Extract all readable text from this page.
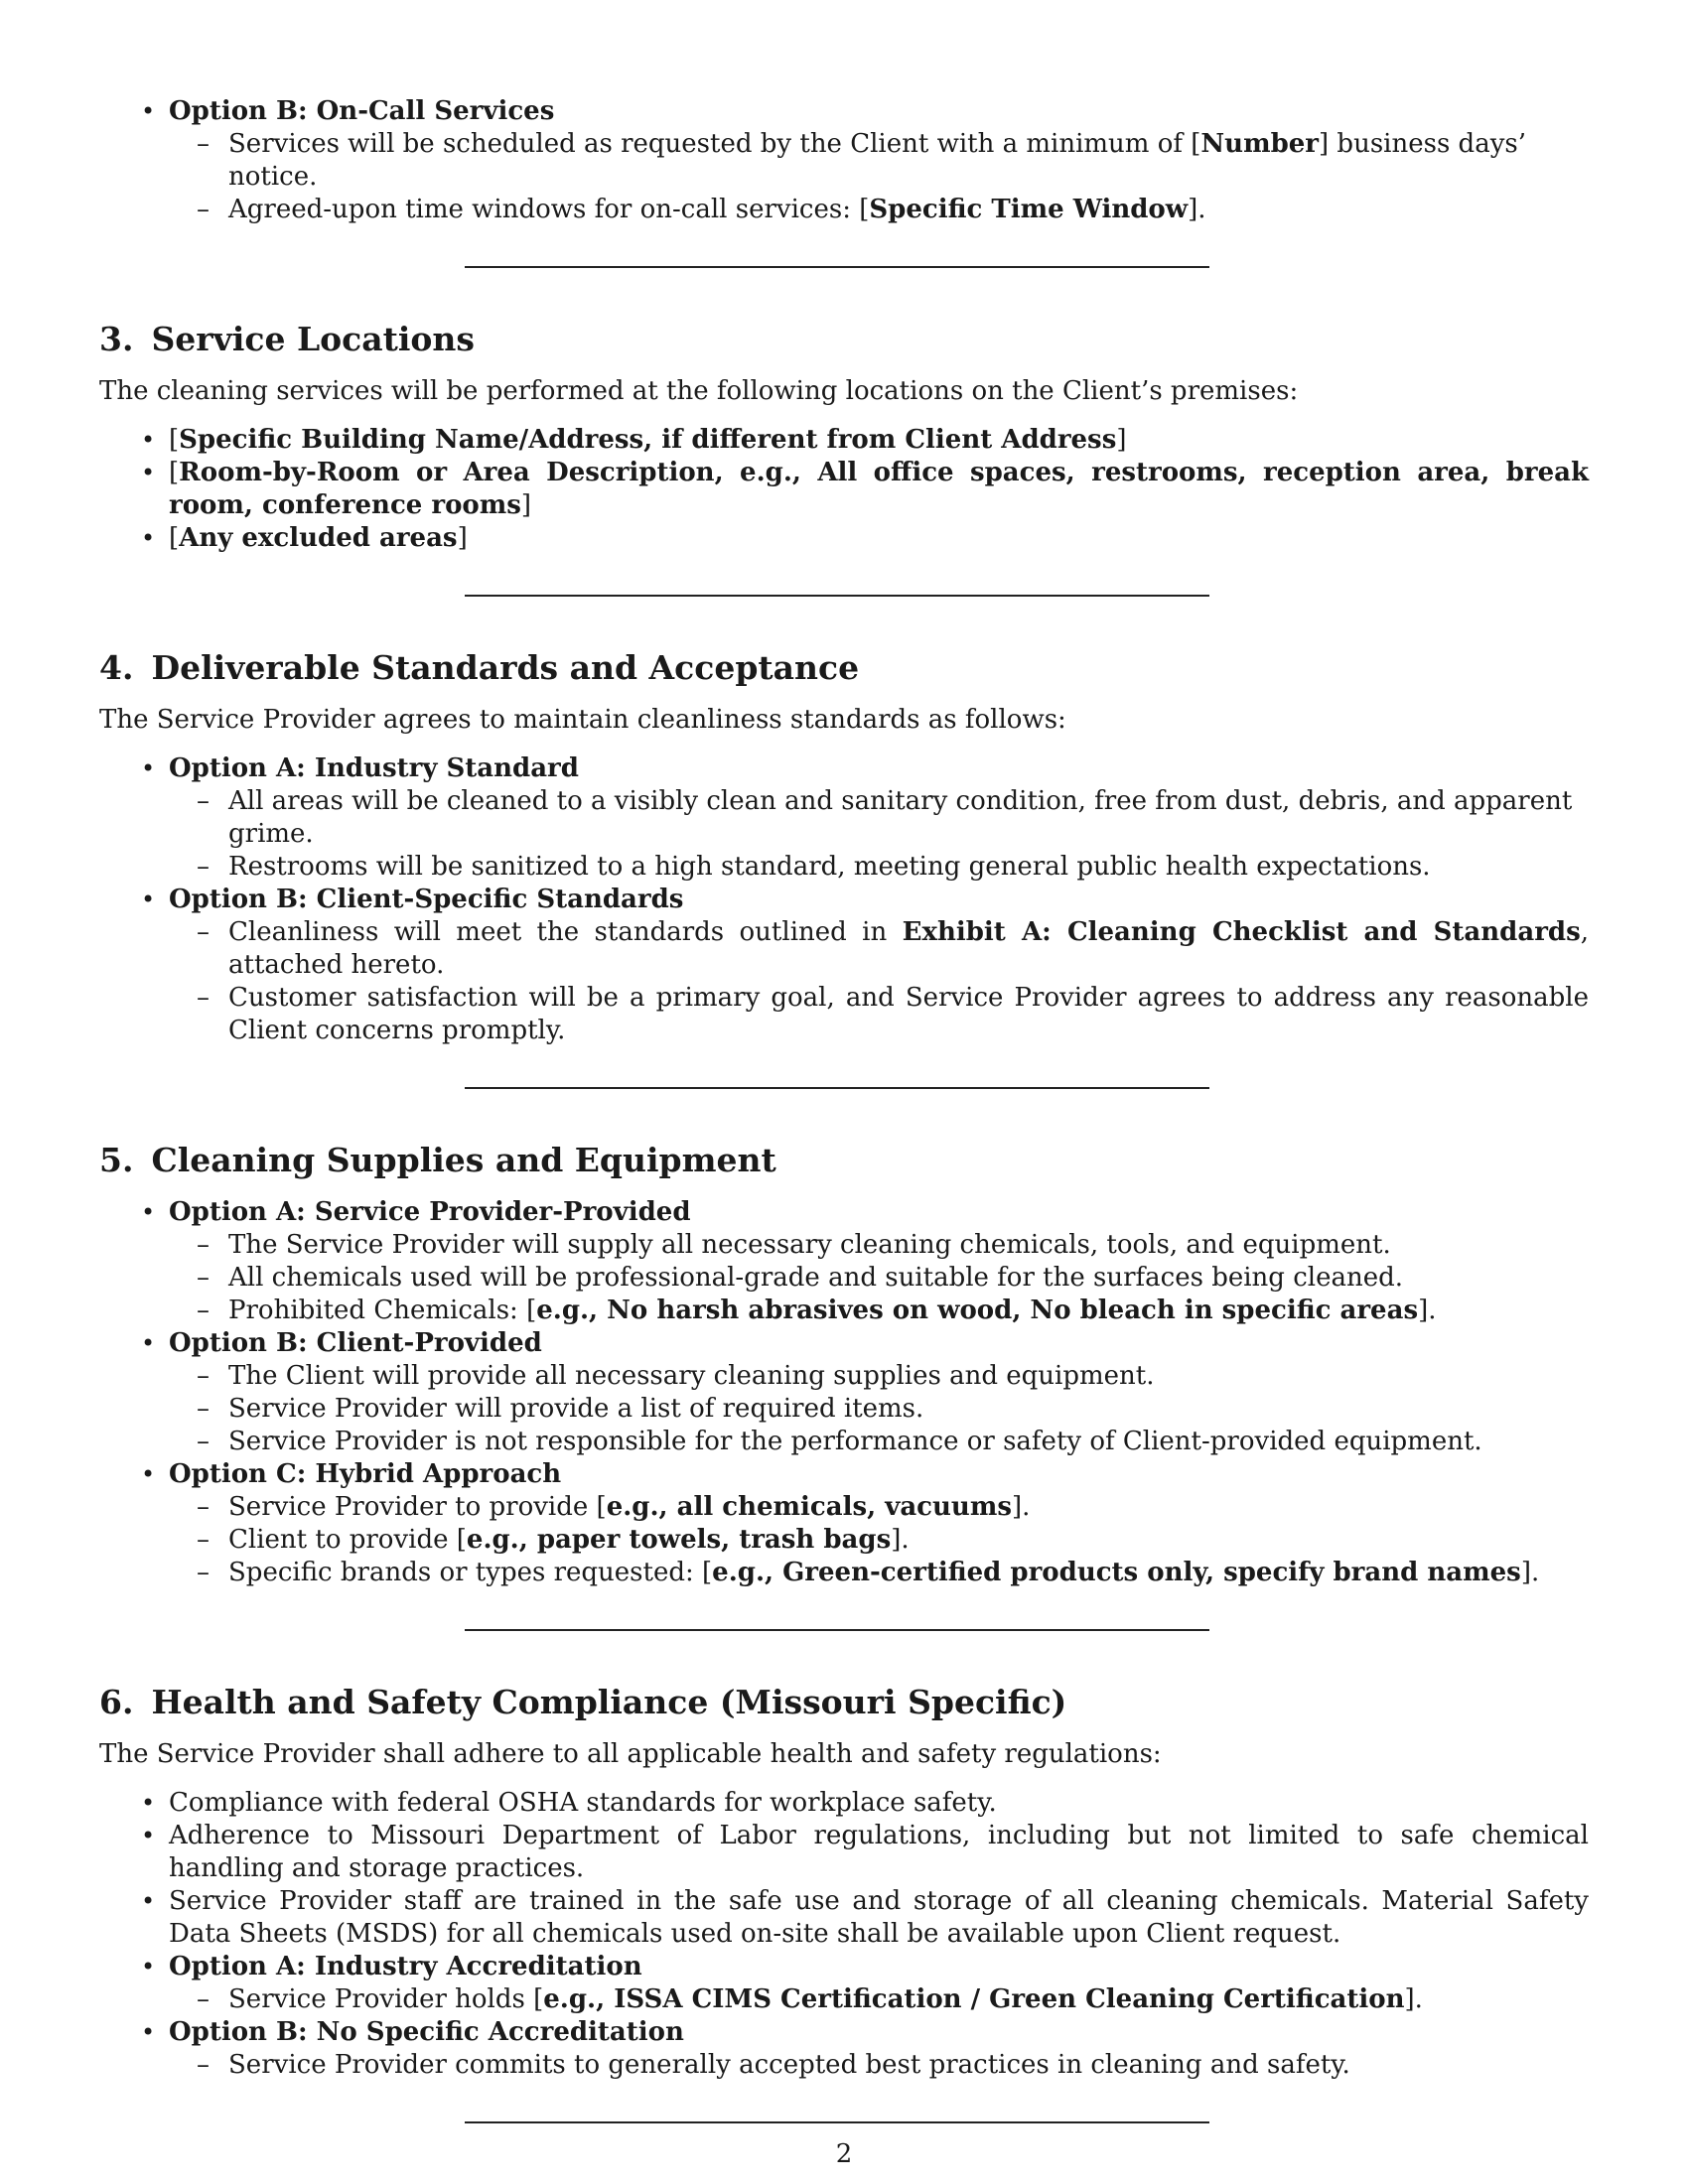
• Option B: On-Call Services
– Services will be scheduled as requested by the Client with a minimum of [Number] business days’ notice.
– Agreed-upon time windows for on-call services: [Specific Time Window].
3. Service Locations

The cleaning services will be performed at the following locations on the Client’s premises:

• [Specific Building Name/Address, if different from Client Address]
• [Room-by-Room or Area Description, e.g., All office spaces, restrooms, reception area, break room, conference rooms]
• [Any excluded areas]
4. Deliverable Standards and Acceptance

The Service Provider agrees to maintain cleanliness standards as follows:

• Option A: Industry Standard
– All areas will be cleaned to a visibly clean and sanitary condition, free from dust, debris, and apparent grime.
– Restrooms will be sanitized to a high standard, meeting general public health expectations.
• Option B: Client-Specific Standards
– Cleanliness will meet the standards outlined in Exhibit A: Cleaning Checklist and Standards, attached hereto.
– Customer satisfaction will be a primary goal, and Service Provider agrees to address any reasonable Client concerns promptly.
5. Cleaning Supplies and Equipment
• Option A: Service Provider-Provided
– The Service Provider will supply all necessary cleaning chemicals, tools, and equipment.
– All chemicals used will be professional-grade and suitable for the surfaces being cleaned.
– Prohibited Chemicals: [e.g., No harsh abrasives on wood, No bleach in specific areas].
• Option B: Client-Provided
– The Client will provide all necessary cleaning supplies and equipment.
– Service Provider will provide a list of required items.
– Service Provider is not responsible for the performance or safety of Client-provided equipment.
• Option C: Hybrid Approach
– Service Provider to provide [e.g., all chemicals, vacuums].
– Client to provide [e.g., paper towels, trash bags].
– Specific brands or types requested: [e.g., Green-certified products only, specify brand names].
6. Health and Safety Compliance (Missouri Specific)

The Service Provider shall adhere to all applicable health and safety regulations:

• Compliance with federal OSHA standards for workplace safety.
• Adherence to Missouri Department of Labor regulations, including but not limited to safe chemical handling and storage practices.
• Service Provider staff are trained in the safe use and storage of all cleaning chemicals. Material Safety Data Sheets (MSDS) for all chemicals used on-site shall be available upon Client request.
• Option A: Industry Accreditation
– Service Provider holds [e.g., ISSA CIMS Certification / Green Cleaning Certification].
• Option B: No Specific Accreditation
– Service Provider commits to generally accepted best practices in cleaning and safety.
2
